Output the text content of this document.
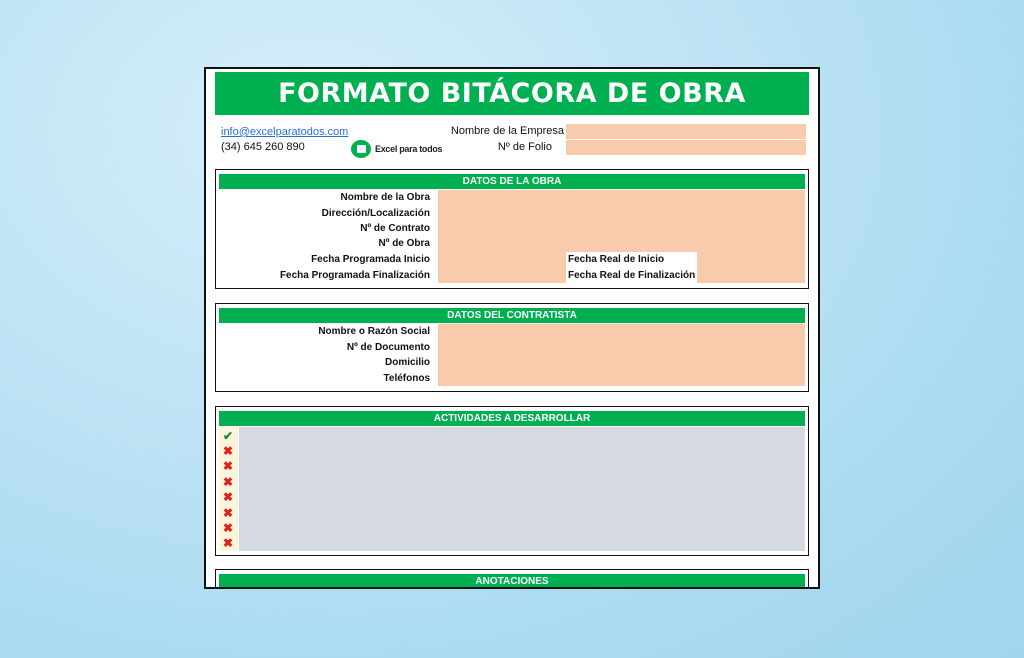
FORMATO BITÁCORA DE OBRA
info@excelparatodos.com
(34) 645 260 890	Excel para todos
Nombre de la Empresa
Nº de Folio
DATOS DE LA OBRA
Nombre de la Obra
Dirección/Localización
Nº de Contrato
Nº de Obra
Fecha Programada Inicio
Fecha Programada Finalización
Fecha Real de Inicio
Fecha Real de Finalización
DATOS DEL CONTRATISTA
Nombre o Razón Social
Nº de Documento
Domicilio
Teléfonos
ACTIVIDADES A DESARROLLAR
✔
✖
✖
✖
✖
✖
✖
✖
ANOTACIONES
